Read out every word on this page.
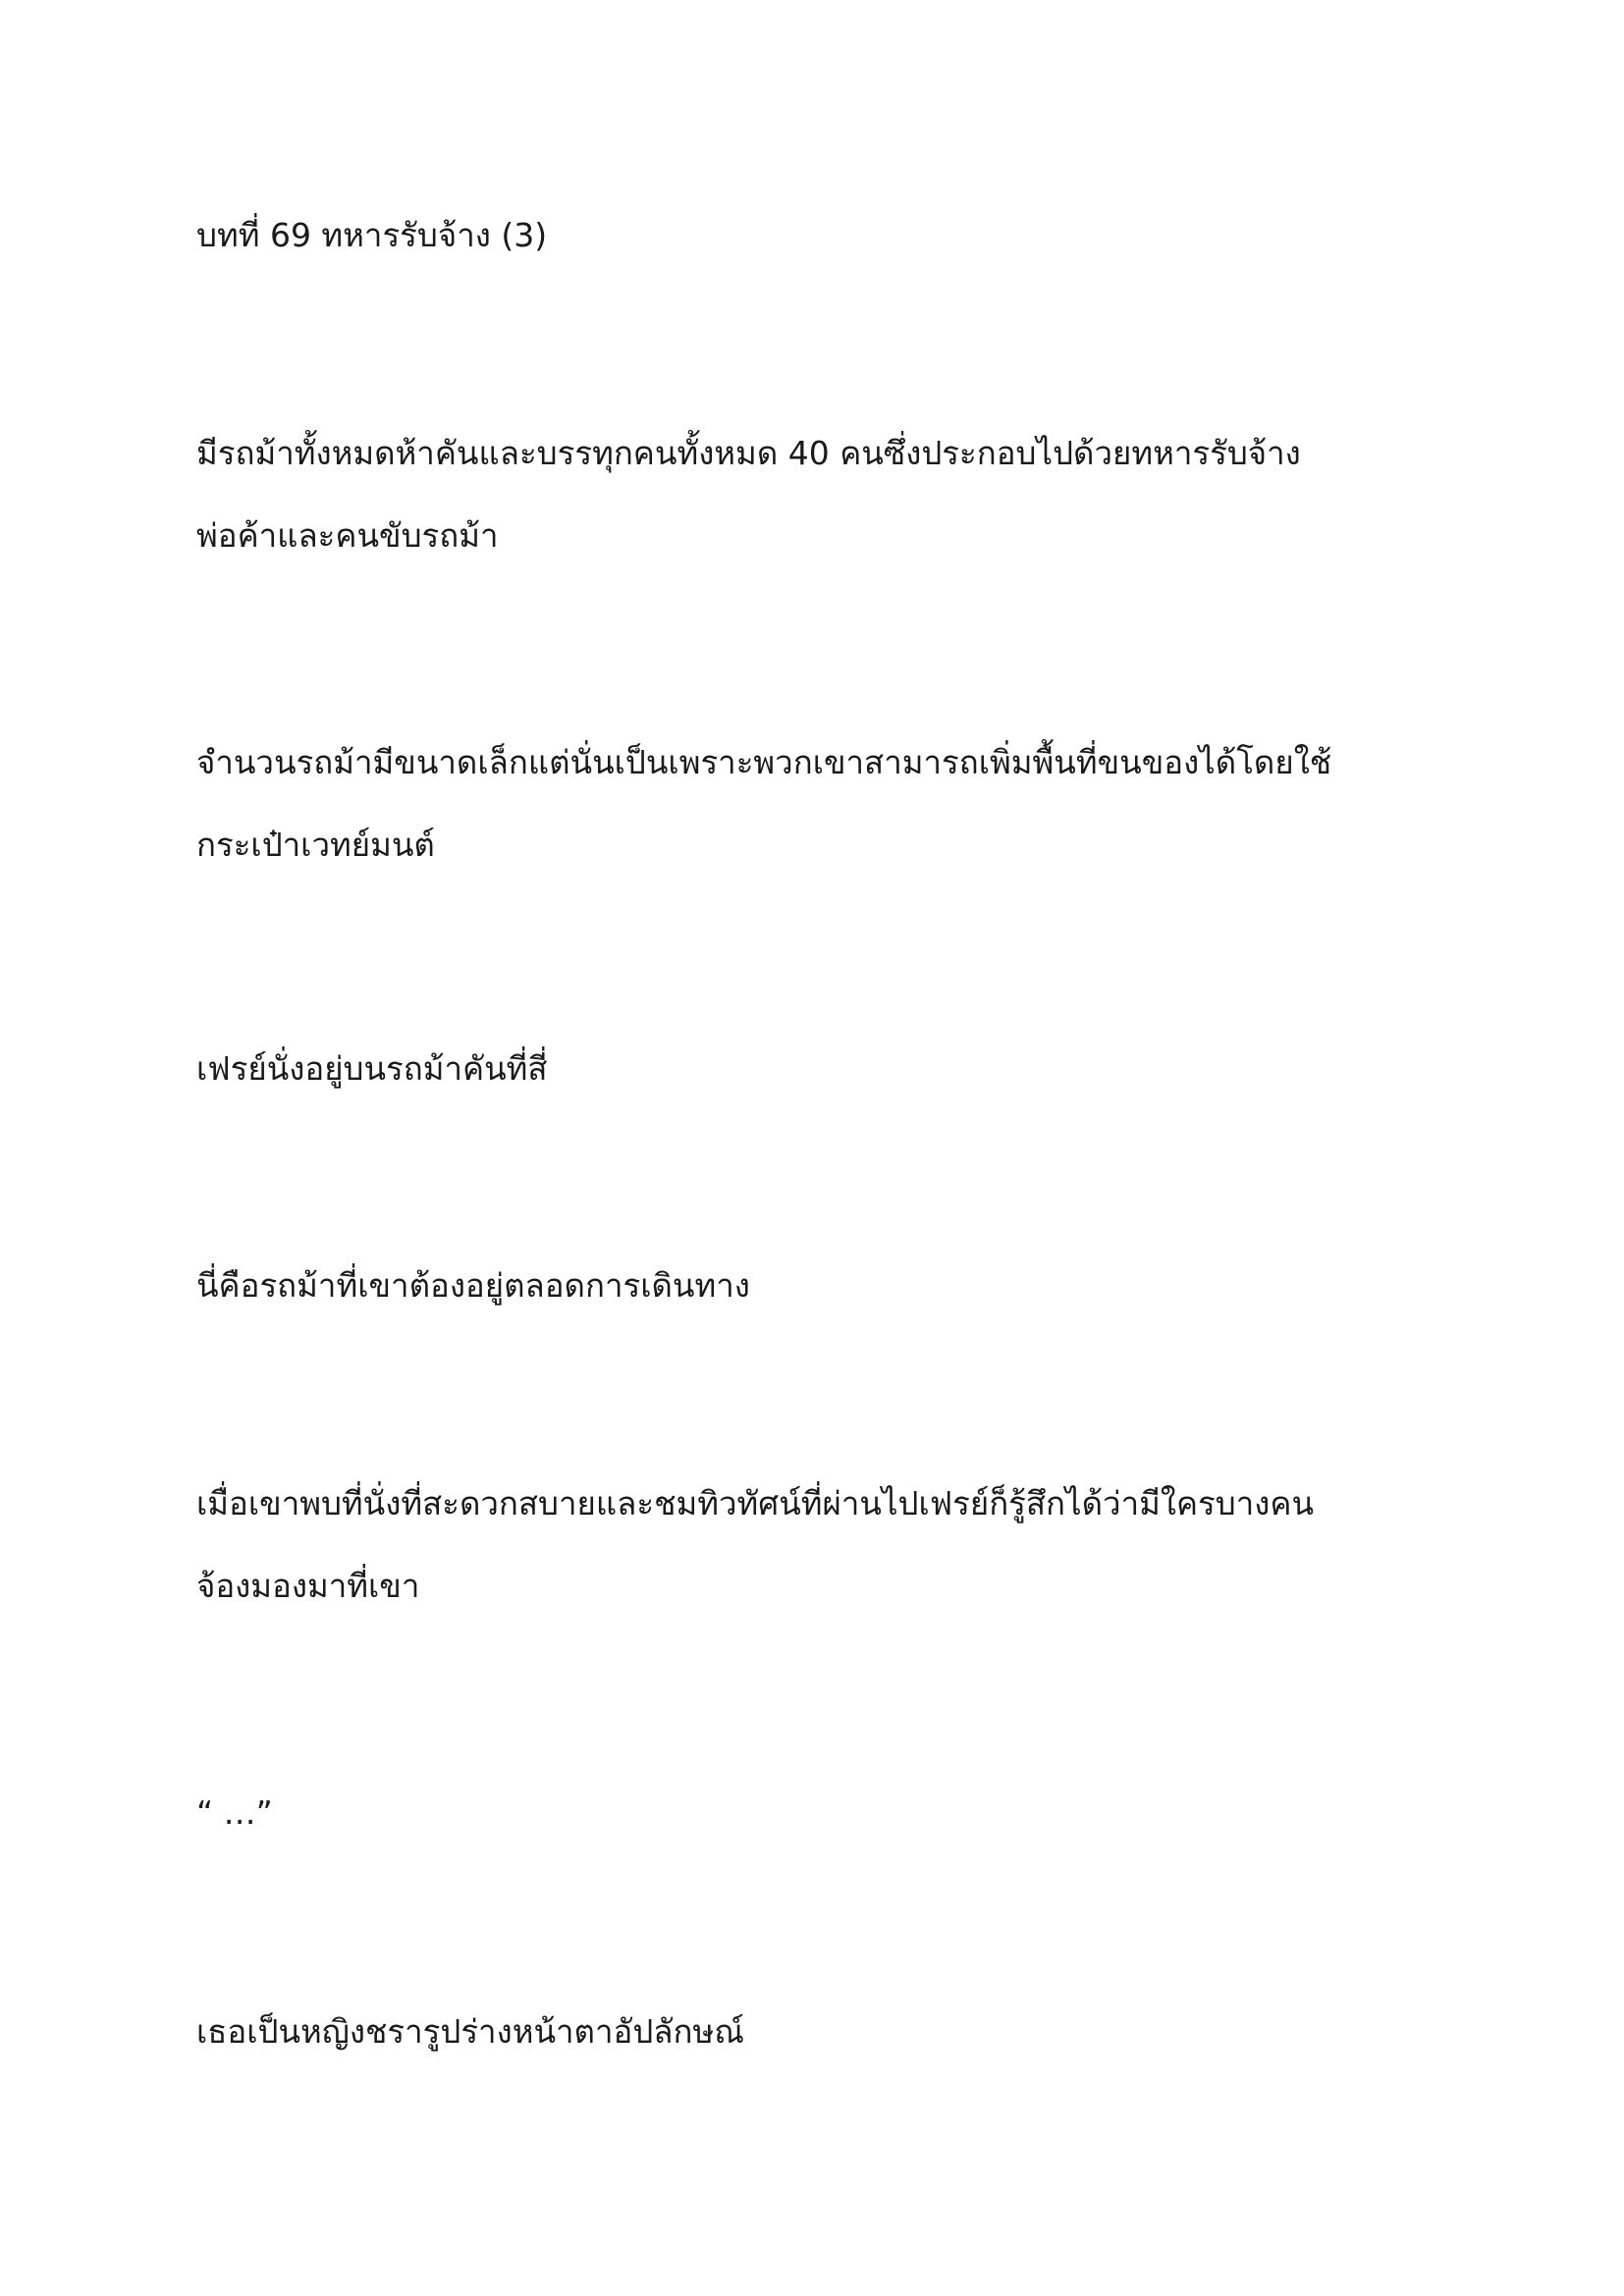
บทที่ 69 ทหารรับจ้าง (3)

มีรถม้าทั้งหมดห้าคันและบรรทุกคนทั้งหมด 40 คนซึ่งประกอบไปด้วยทหารรับจ้าง
พ่อค้าและคนขับรถม้า

จำนวนรถม้ามีขนาดเล็กแต่นั่นเป็นเพราะพวกเขาสามารถเพิ่มพื้นที่ขนของได้โดยใช้
กระเป๋าเวทย์มนต์

เฟรย์นั่งอยู่บนรถม้าคันที่สี่

นี่คือรถม้าที่เขาต้องอยู่ตลอดการเดินทาง

เมื่อเขาพบที่นั่งที่สะดวกสบายและชมทิวทัศน์ที่ผ่านไปเฟรย์ก็รู้สึกได้ว่ามีใครบางคน
จ้องมองมาที่เขา

“ …”

เธอเป็นหญิงชรารูปร่างหน้าตาอัปลักษณ์
